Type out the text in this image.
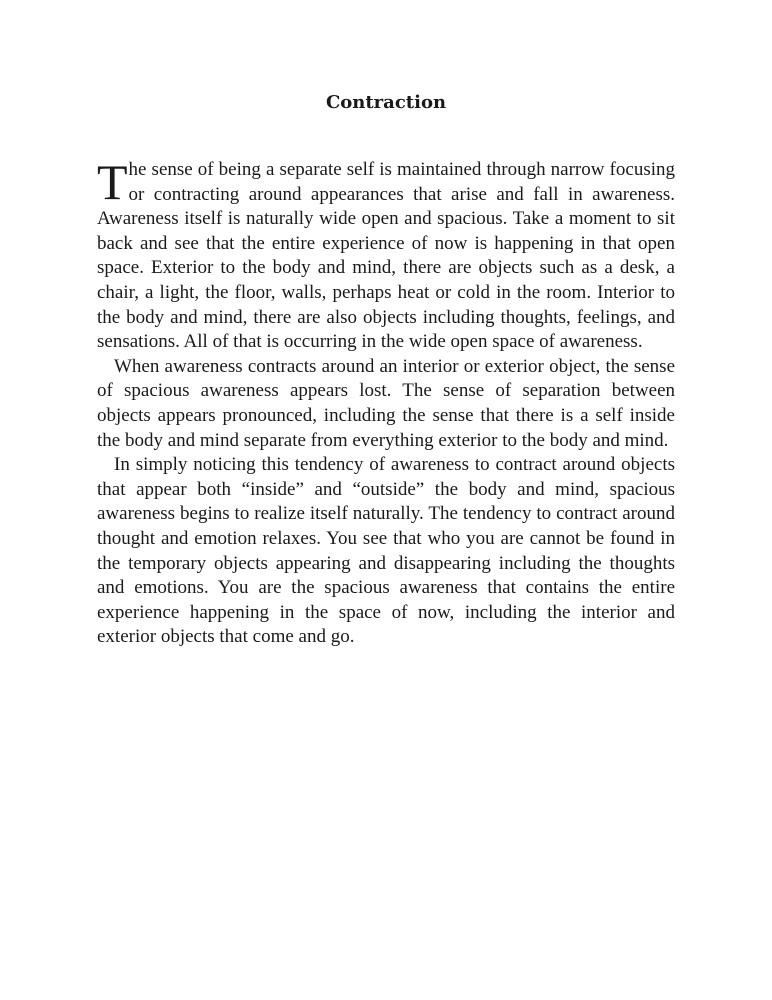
Contraction

The sense of being a separate self is maintained through narrow focusing or contracting around appearances that arise and fall in awareness. Awareness itself is naturally wide open and spacious. Take a moment to sit back and see that the entire experience of now is happening in that open space. Exterior to the body and mind, there are objects such as a desk, a chair, a light, the floor, walls, perhaps heat or cold in the room. Interior to the body and mind, there are also objects including thoughts, feelings, and sensations. All of that is occurring in the wide open space of awareness.

When awareness contracts around an interior or exterior object, the sense of spacious awareness appears lost. The sense of separation between objects appears pronounced, including the sense that there is a self inside the body and mind separate from everything exterior to the body and mind.

In simply noticing this tendency of awareness to contract around objects that appear both “inside” and “outside” the body and mind, spacious awareness begins to realize itself naturally. The tendency to contract around thought and emotion relaxes. You see that who you are cannot be found in the temporary objects appearing and disappearing including the thoughts and emotions. You are the spacious awareness that contains the entire experience happening in the space of now, including the interior and exterior objects that come and go.
